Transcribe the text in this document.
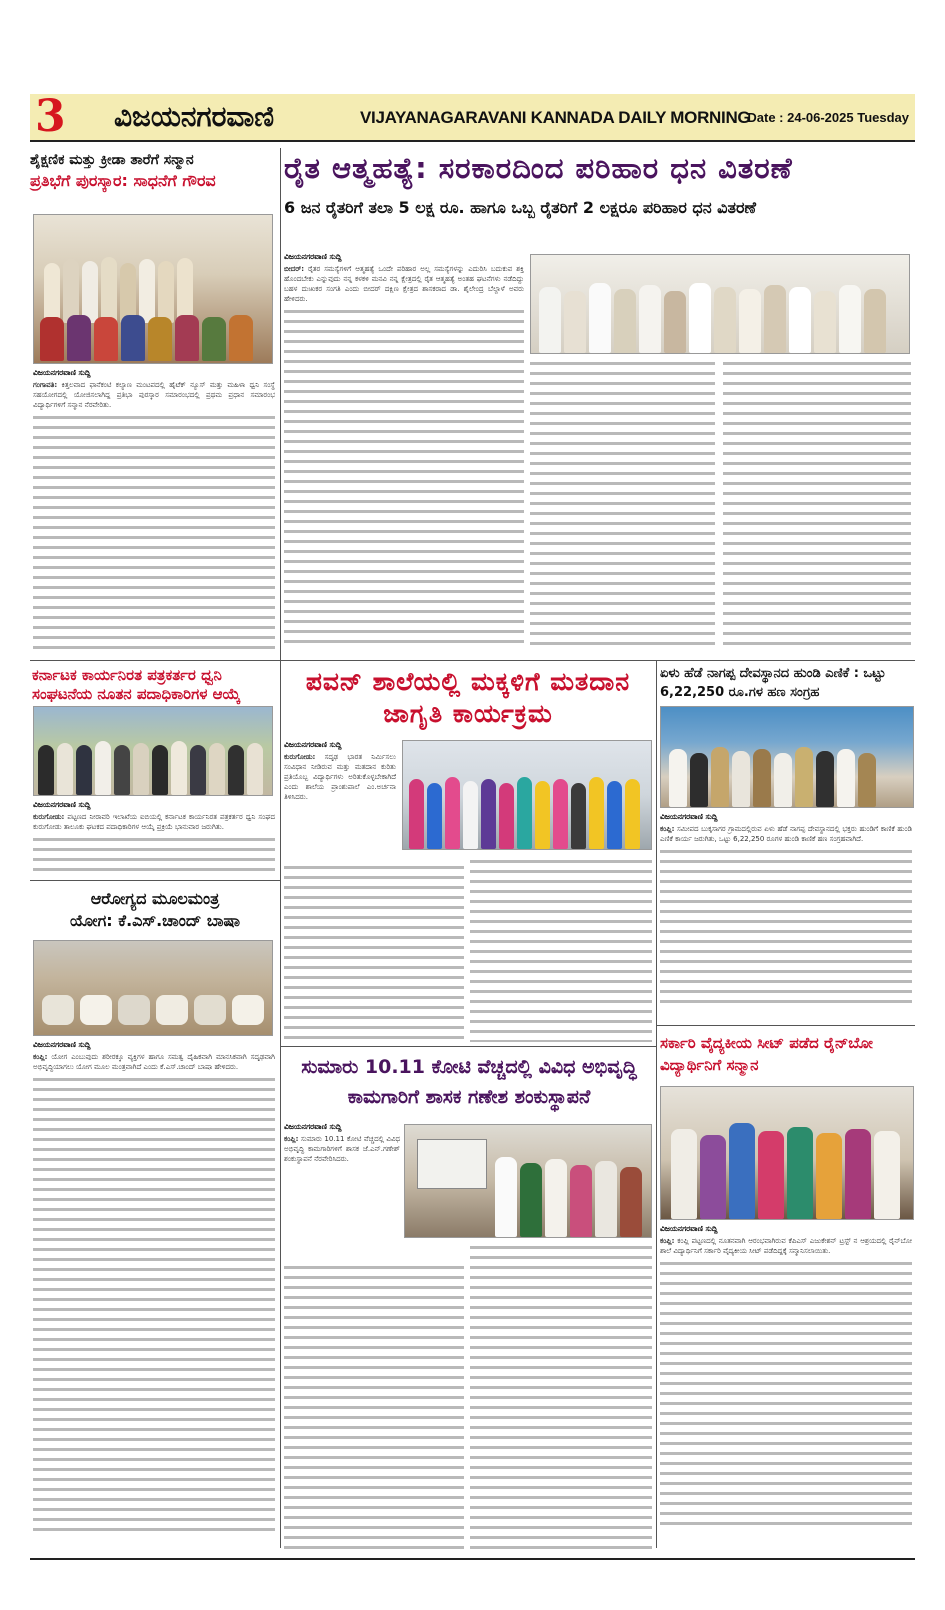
3 ವಿಜಯನಗರವಾಣಿ	VIJAYANAGARAVANI KANNADA DAILY MORNING
Date : 24-06-2025 Tuesday
ಶೈಕ್ಷಣಿಕ ಮತ್ತು ಕ್ರೀಡಾ ತಾರೆಗೆ ಸನ್ಮಾನ
ಪ್ರತಿಭೆಗೆ ಪುರಸ್ಕಾರ: ಸಾಧನೆಗೆ ಗೌರವ

ವಿಜಯನಗರವಾಣಿ ಸುದ್ದಿ

ಗಂಗಾವತಿ: ಕಿತ್ತಲವಾದ ಫಾನೆಕಂಟಿ ಕಲ್ಯಾಣ ಮಂಟಪದಲ್ಲಿ ಹೈಟೆಕ್ ನ್ಯೂಸ್ ಮತ್ತು ಮಹಿಳಾ ಧ್ವನಿ ಸಂಸ್ಥೆ ಸಹಯೋಗದಲ್ಲಿ ಯೋಜಿಸಲಾಗಿದ್ದ ಪ್ರತಿಭಾ ಪುರಸ್ಕಾರ ಸಮಾರಂಭದಲ್ಲಿ ಪ್ರಥಮ ಪ್ರಧಾನ ಸಮಾರಂಭ ವಿದ್ಯಾರ್ಥಿಗಳಿಗೆ ಸನ್ಮಾನ ನೆರವೇರಿತು.

ರೈತ ಆತ್ಮಹತ್ಯೆ: ಸರಕಾರದಿಂದ ಪರಿಹಾರ ಧನ ವಿತರಣೆ
6 ಜನ ರೈತರಿಗೆ ತಲಾ 5 ಲಕ್ಷ ರೂ. ಹಾಗೂ ಒಬ್ಬ ರೈತರಿಗೆ 2 ಲಕ್ಷರೂ ಪರಿಹಾರ ಧನ ವಿತರಣೆ

ವಿಜಯನಗರವಾಣಿ ಸುದ್ದಿ

ಬೀದರ್: ರೈತರ ಸಮಸ್ಯೆಗಳಿಗೆ ಆತ್ಮಹತ್ಯೆ ಒಂದೇ ಪರಿಹಾರ ಅಲ್ಲ ಸಮಸ್ಯೆಗಳನ್ನು ಎದುರಿಸಿ ಬದುಕುವ ಶಕ್ತಿ ಹೊಂದಬೇಕು ಎನ್ನುವುದು ನನ್ನ ಕಳಕಳಿ ಮನವಿ ನನ್ನ ಕ್ಷೇತ್ರದಲ್ಲಿ ರೈತ ಆತ್ಮಹತ್ಯೆ ಅಂತಹ ಘಟನೆಗಳು ನಡೆದಿದ್ದು ಬಹಳ ದುಃಖಕರ ಸಂಗತಿ ಎಂದು ಬೀದರ್ ದಕ್ಷಿಣ ಕ್ಷೇತ್ರದ ಶಾಸಕರಾದ ಡಾ. ಶೈಲೇಂದ್ರ ಬೆಲ್ದಾಳೆ ಅವರು ಹೇಳಿದರು.

ಕರ್ನಾಟಕ ಕಾರ್ಯನಿರತ ಪತ್ರಕರ್ತರ ಧ್ವನಿ ಸಂಘಟನೆಯ ನೂತನ ಪದಾಧಿಕಾರಿಗಳ ಆಯ್ಕೆ

ವಿಜಯನಗರವಾಣಿ ಸುದ್ದಿ

ಕುರುಗೋಡು: ಪಟ್ಟಣದ ನೀರಾವರಿ ಇಲಾಖೆಯ ಐಬಿಯಲ್ಲಿ ಕರ್ನಾಟಕ ಕಾರ್ಯನಿರತ ಪತ್ರಕರ್ತರ ಧ್ವನಿ ಸಂಘದ ಕುರುಗೋಡು ತಾಲೂಕು ಘಟಕದ ಪದಾಧಿಕಾರಿಗಳ ಆಯ್ಕೆ ಪ್ರಕ್ರಿಯೆ ಭಾನುವಾರ ಜರುಗಿತು.

ಪವನ್ ಶಾಲೆಯಲ್ಲಿ ಮಕ್ಕಳಿಗೆ ಮತದಾನ ಜಾಗೃತಿ ಕಾರ್ಯಕ್ರಮ

ವಿಜಯನಗರವಾಣಿ ಸುದ್ದಿ

ಕುರುಗೋಡು: ಸದೃಢ ಭಾರತ ನಿರ್ಮಿಸಲು ಸಂವಿಧಾನ ನೀಡಿರುವ ಮತ್ತು ಮತದಾನ ಕುರಿತು ಪ್ರತಿಯೊಬ್ಬ ವಿದ್ಯಾರ್ಥಿಗಳು ಅರಿತುಕೊಳ್ಳಬೇಕಾಗಿದೆ ಎಂದು ಶಾಲೆಯ ಪ್ರಾಂಶುಪಾಲೆ ಎಂ.ಅರ್ಚನಾ ತಿಳಿಸಿದರು.

ಏಳು ಹೆಡೆ ನಾಗಪ್ಪ ದೇವಸ್ಥಾನದ ಹುಂಡಿ ಎಣಿಕೆ : ಒಟ್ಟು 6,22,250 ರೂ.ಗಳ ಹಣ ಸಂಗ್ರಹ

ವಿಜಯನಗರವಾಣಿ ಸುದ್ದಿ

ಕಂಪ್ಲಿ: ಸಮೀಪದ ಬುಕ್ಕಸಾಗರ ಗ್ರಾಮದಲ್ಲಿರುವ ಏಳು ಹೆಡೆ ನಾಗಪ್ಪ ದೇವಸ್ಥಾನದಲ್ಲಿ ಭಕ್ತರು ಹುಂಡಿಗೆ ಕಾಣಿಕೆ ಹುಂಡಿ ಎಣಿಕೆ ಕಾರ್ಯ ಜರುಗಿತು, ಒಟ್ಟು 6,22,250 ರೂಗಳ ಹುಂಡಿ ಕಾಣಿಕೆ ಹಣ ಸಂಗ್ರಹವಾಗಿದೆ.

ಆರೋಗ್ಯದ ಮೂಲಮಂತ್ರ
ಯೋಗ: ಕೆ.ಎಸ್.ಚಾಂದ್ ಬಾಷಾ

ವಿಜಯನಗರವಾಣಿ ಸುದ್ದಿ

ಕಂಪ್ಲಿ: ಯೋಗ ಎಂಬುವುದು ಶರೀರಕ್ಕೂ ವ್ಯಕ್ತಿಗಳ ಹಾಗೂ ಸಮತ್ವ ದೈಹಿಕವಾಗಿ ಮಾನಸಿಕವಾಗಿ ಸದೃಢವಾಗಿ ಅಭಿವೃದ್ಧಿಯಾಗಲು ಯೋಗ ಮೂಲ ಮಂತ್ರವಾಗಿದೆ ಎಂದು ಕೆ.ಎಸ್.ಚಾಂದ್ ಬಾಷಾ ಹೇಳಿದರು.	ಸುಮಾರು 10.11 ಕೋಟಿ ವೆಚ್ಚದಲ್ಲಿ ವಿವಿಧ ಅಭಿವೃದ್ಧಿ ಕಾಮಗಾರಿಗೆ ಶಾಸಕ ಗಣೇಶ ಶಂಕುಸ್ಥಾಪನೆ

ವಿಜಯನಗರವಾಣಿ ಸುದ್ದಿ

ಕಂಪ್ಲಿ: ಸುಮಾರು 10.11 ಕೋಟಿ ವೆಚ್ಚದಲ್ಲಿ ವಿವಿಧ ಅಭಿವೃದ್ಧಿ ಕಾಮಗಾರಿಗಳಿಗೆ ಶಾಸಕ ಜೆ.ಎನ್.ಗಣೇಶ್ ಶಂಕುಸ್ಥಾಪನೆ ನೆರವೇರಿಸಿದರು.

ಸರ್ಕಾರಿ ವೈದ್ಯಕೀಯ ಸೀಟ್ ಪಡೆದ ರೈನ್‌ಬೋ ವಿದ್ಯಾರ್ಥಿನಿಗೆ ಸನ್ಮಾನ

ವಿಜಯನಗರವಾಣಿ ಸುದ್ದಿ

ಕಂಪ್ಲಿ: ಕಂಪ್ಲಿ ಪಟ್ಟಣದಲ್ಲಿ ನೂತನವಾಗಿ ಆರಂಭವಾಗಿರುವ ಕೆಪಿಎಸ್ ಎಜುಕೇಶನ್ ಟ್ರಸ್ಟ್ ನ ಆಶ್ರಯದಲ್ಲಿ ರೈನ್‌ಬೋ ಶಾಲೆ ವಿದ್ಯಾರ್ಥಿನಿಗೆ ಸರ್ಕಾರಿ ವೈದ್ಯಕೀಯ ಸೀಟ್ ಪಡೆದಿದ್ದಕ್ಕೆ ಸನ್ಮಾನಿಸಲಾಯಿತು.
